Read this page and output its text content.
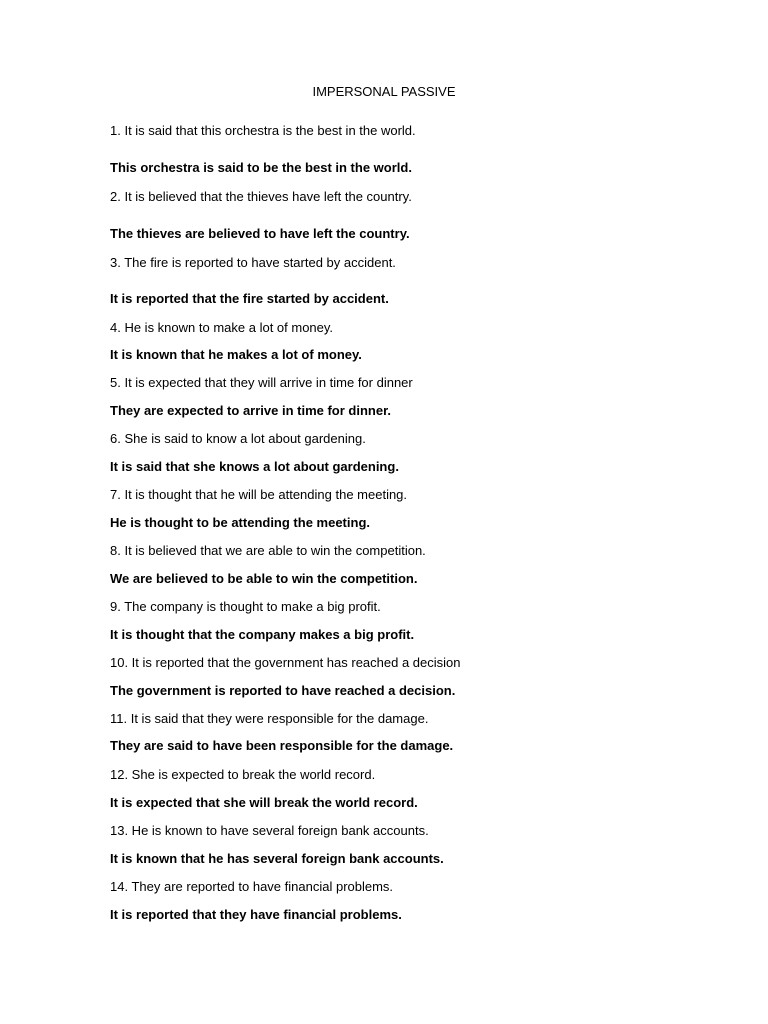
IMPERSONAL PASSIVE

1. It is said that this orchestra is the best in the world.

This orchestra is said to be the best in the world.

2. It is believed that the thieves have left the country.

The thieves are believed to have left the country.

3. The fire is reported to have started by accident.

It is reported that the fire started by accident.

4. He is known to make a lot of money.

It is known that he makes a lot of money.

5. It is expected that they will arrive in time for dinner

They are expected to arrive in time for dinner.

6. She is said to know a lot about gardening.

It is said that she knows a lot about gardening.

7. It is thought that he will be attending the meeting.

He is thought to be attending the meeting.

8. It is believed that we are able to win the competition.

We are believed to be able to win the competition.

9. The company is thought to make a big profit.

It is thought that the company makes a big profit.

10. It is reported that the government has reached a decision

The government is reported to have reached a decision.

11. It is said that they were responsible for the damage.

They are said to have been responsible for the damage.

12. She is expected to break the world record.

It is expected that she will break the world record.

13. He is known to have several foreign bank accounts.

It is known that he has several foreign bank accounts.

14. They are reported to have financial problems.

It is reported that they have financial problems.
